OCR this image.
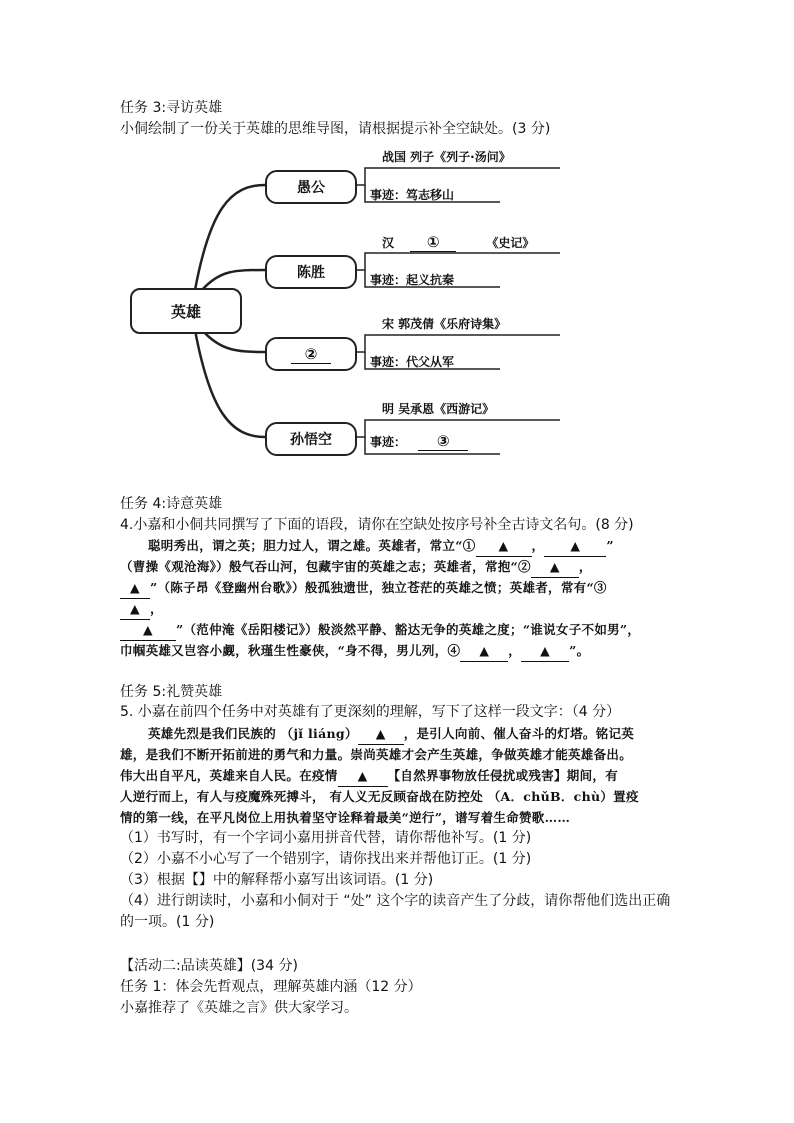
任务 3:寻访英雄
小侗绘制了一份关于英雄的思维导图，请根据提示补全空缺处。(3 分)
英雄
愚公
陈胜
②
孙悟空
战国 列子《列子·汤问》
事迹：笃志移山
汉 ①	《史记》
事迹：起义抗秦
宋 郭茂倩《乐府诗集》
事迹：代父从军
明 吴承恩《西游记》
事迹： ③
任务 4:诗意英雄
4.小嘉和小侗共同撰写了下面的语段，请你在空缺处按序号补全古诗文名句。(8 分)
聪明秀出，谓之英；胆力过人，谓之雄。英雄者，常立“① ▲ ， ▲ ”
（曹操《观沧海》）般气吞山河，包藏宇宙的英雄之志；英雄者，常抱“② ▲ ，
▲ ”（陈子昂《登幽州台歌》）般孤独遗世，独立苍茫的英雄之愤；英雄者，常有“③
▲ ，
▲ ”（范仲淹《岳阳楼记》）般淡然平静、豁达无争的英雄之度；“谁说女子不如男”，
巾帼英雄又岂容小觑，秋瑾生性豪侠，“身不得，男儿列，④ ▲ ， ▲ ”。
任务 5:礼赞英雄
5. 小嘉在前四个任务中对英雄有了更深刻的理解，写下了这样一段文字：（4 分）
英雄先烈是我们民族的 （jǐ liáng） ▲ ，是引人向前、催人奋斗的灯塔。铭记英
雄，是我们不断开拓前进的勇气和力量。崇尚英雄才会产生英雄，争做英雄才能英雄备出。
伟大出自平凡，英雄来自人民。在疫情 ▲ 【自然界事物放任侵扰或残害】期间，有
人逆行而上，有人与疫魔殊死搏斗， 有人义无反顾奋战在防控处 （A．chǔB．chù）置疫
情的第一线，在平凡岗位上用执着坚守诠释着最美“逆行”，谱写着生命赞歌……
（1）书写时，有一个字词小嘉用拼音代替，请你帮他补写。(1 分)
（2）小嘉不小心写了一个错别字，请你找出来并帮他订正。(1 分)
（3）根据【】中的解释帮小嘉写出该词语。(1 分)
（4）进行朗读时，小嘉和小侗对于 “处” 这个字的读音产生了分歧，请你帮他们选出正确
的一项。(1 分)
【活动二:品读英雄】(34 分)
任务 1：体会先哲观点，理解英雄内涵（12 分）
小嘉推荐了《英雄之言》供大家学习。
